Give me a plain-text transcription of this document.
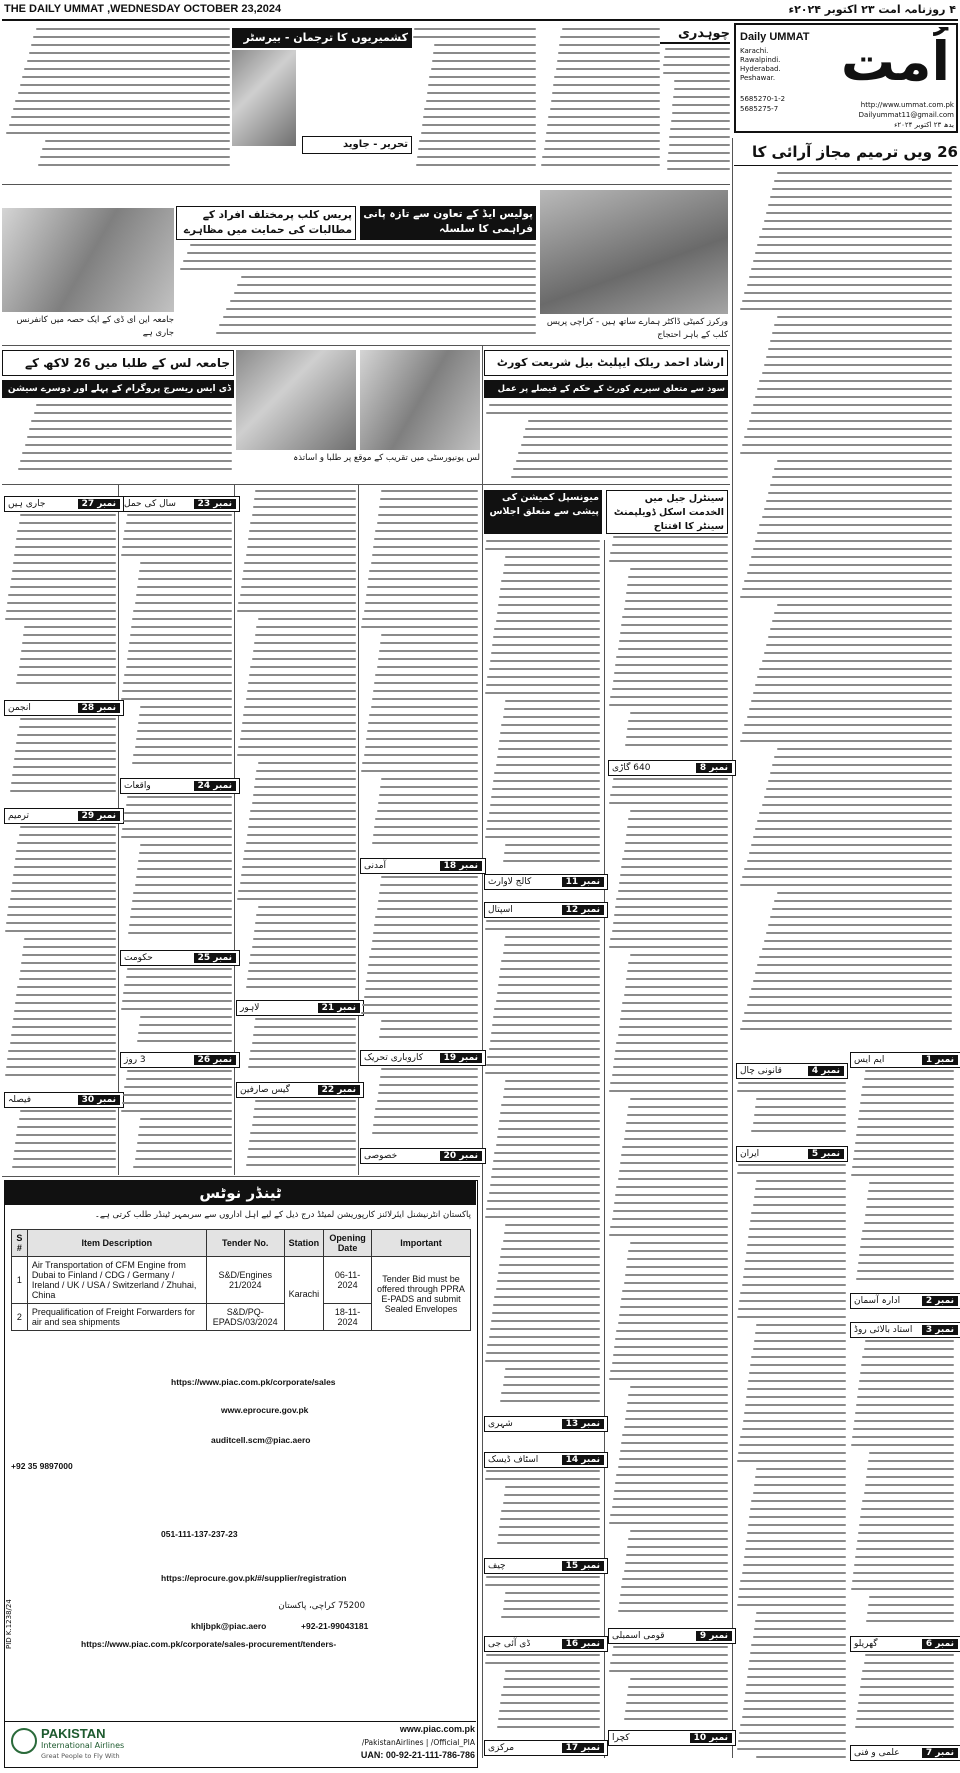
THE DAILY UMMAT ,WEDNESDAY OCTOBER 23,2024	۴ روزنامہ امت ۲۳ اکتوبر ۲۰۲۴ء
اُمت
Daily UMMAT
Karachi. Rawalpindi. Hyderabad. Peshawar.
5685270-1-2
5685275-7	http://www.ummat.com.pk
Dailyummat11@gmail.com
بدھ ۲۳ اکتوبر ۲۰۲۴ء
26 ویں ترمیم مجاز آرائی کا
کشمیریوں کا ترجمان - بیرسٹر
تحریر - جاوید
چوہدری
ورکرز کمیٹی ڈاکٹر ہمارے ساتھ ہیں - کراچی پریس کلب کے باہر احتجاج
جامعہ این ای ڈی کے ایک حصہ میں کانفرنس جاری ہے
پریس کلب پرمختلف افراد کے مطالبات کی حمایت میں مظاہرے
پولیس ایڈ کے تعاون سے تازہ پانی فراہمی کا سلسلہ
لس یونیورسٹی میں تقریب کے موقع پر طلبا و اساتذہ
جامعہ لس کے طلبا میں 26 لاکھ کے
ڈی ایس ریسرچ پروگرام کے پہلے اور دوسرے سیشن
ارشاد احمد ریلک ایپلیٹ بیل شریعت کورٹ
سود سے متعلق سپریم کورٹ کے حکم کے فیصلے پر عمل
سینٹرل جیل میں الخدمت اسکل ڈویلپمنٹ سینٹر کا افتتاح
میونسپل کمیشن کی پیشی سے متعلق اجلاس
ٹینڈر نوٹس
پاکستان انٹرنیشنل ایئرلائنز کارپوریشن لمیٹڈ درج ذیل کے لیے اہل اداروں سے سربمہر ٹینڈر طلب کرتی ہے۔
S #	Item Description	Tender No.	Station	Opening Date	Important
1	Air Transportation of CFM Engine from Dubai to Finland / CDG / Germany / Ireland / UK / USA / Switzerland / Zhuhai, China	S&D/Engines 21/2024	Karachi	06-11-2024	Tender Bid must be offered through PPRA E-PADS and submit Sealed Envelopes
2	Prequalification of Freight Forwarders for air and sea shipments	S&D/PQ-EPADS/03/2024		18-11-2024	
https://www.piac.com.pk/corporate/sales
www.eprocure.gov.pk
auditcell.scm@piac.aero
+92 35 9897000
051-111-137-237-23
https://eprocure.gov.pk/#/supplier/registration
khljbpk@piac.aero	+92-21-99043181
https://www.piac.com.pk/corporate/sales-procurement/tenders-
75200 کراچی، پاکستان
PID K.1238/24
PAKISTAN
International Airlines
Great People to Fly With
www.piac.com.pk
/PakistanAirlines | /Official_PIA
UAN: 00-92-21-111-786-786
نمبر 1
ایم ایس
نمبر 2
ادارہ آسمان
نمبر 3
استاد بالائی روڈ
نمبر 4
قانونی چال
نمبر 5
ایران
نمبر 6
گھریلو
نمبر 7
علمی و فنی
نمبر 8
640 گاڑی
نمبر 9
قومی اسمبلی
نمبر 10
کچرا
نمبر 11
کالج لاوارث
نمبر 12
اسپتال
نمبر 13
شہری
نمبر 14
اسٹاف ڈیسک
نمبر 15
چیف
نمبر 16
ڈی آئی جی
نمبر 17
مرکزی
نمبر 18
آمدنی
نمبر 19
کاروباری تحریک
نمبر 20
خصوصی
نمبر 21
لاہور
نمبر 22
گیس صارفین
نمبر 23
سال کی حمل
نمبر 24
واقعات
نمبر 25
حکومت
نمبر 26
3 روز
نمبر 27
جاری ہیں
نمبر 28
انجمن
نمبر 29
ترمیم
نمبر 30
فیصلہ
